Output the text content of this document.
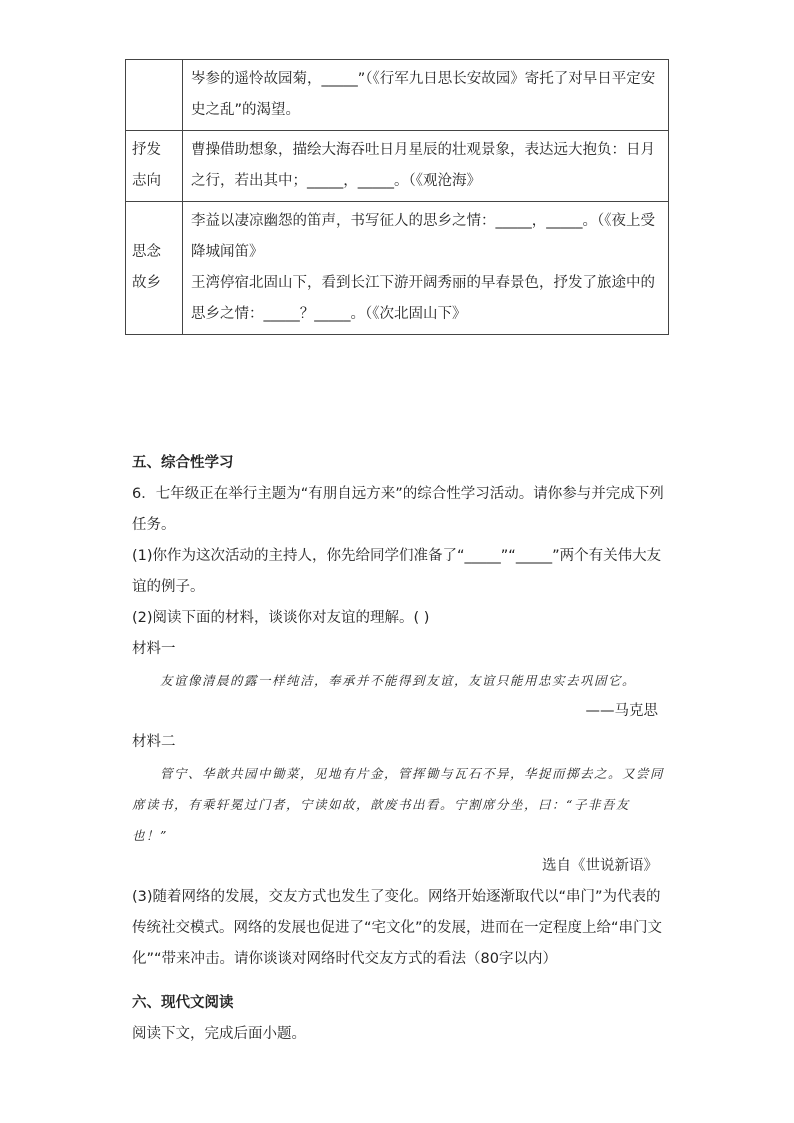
	岑参的遥怜故园菊，_____”（《行军九日思长安故园》寄托了对早日平定安史之乱”的渴望。

抒发志向	曹操借助想象，描绘大海吞吐日月星辰的壮观景象，表达远大抱负：日月之行，若出其中；_____，_____。（《观沧海》

思念故乡	李益以凄凉幽怨的笛声，书写征人的思乡之情：_____，_____。（《夜上受降城闻笛》

王湾停宿北固山下，看到长江下游开阔秀丽的早春景色，抒发了旅途中的思乡之情：_____？_____。（《次北固山下》

五、综合性学习

6．七年级正在举行主题为“有朋自远方来”的综合性学习活动。请你参与并完成下列任务。

(1)你作为这次活动的主持人，你先给同学们准备了“_____”“_____”两个有关伟大友谊的例子。

(2)阅读下面的材料，谈谈你对友谊的理解。( )

材料一

友谊像清晨的露一样纯洁，奉承并不能得到友谊，友谊只能用忠实去巩固它。

——马克思

材料二

管宁、华歆共园中锄菜，见地有片金，管挥锄与瓦石不异，华捉而掷去之。又尝同席读书，有乘轩冕过门者，宁读如故，歆废书出看。宁割席分坐，曰：“子非吾友也！”

选自《世说新语》

(3)随着网络的发展，交友方式也发生了变化。网络开始逐渐取代以“串门”为代表的传统社交模式。网络的发展也促进了“宅文化”的发展，进而在一定程度上给“串门文化”“带来冲击。请你谈谈对网络时代交友方式的看法（80字以内）

六、现代文阅读

阅读下文，完成后面小题。
